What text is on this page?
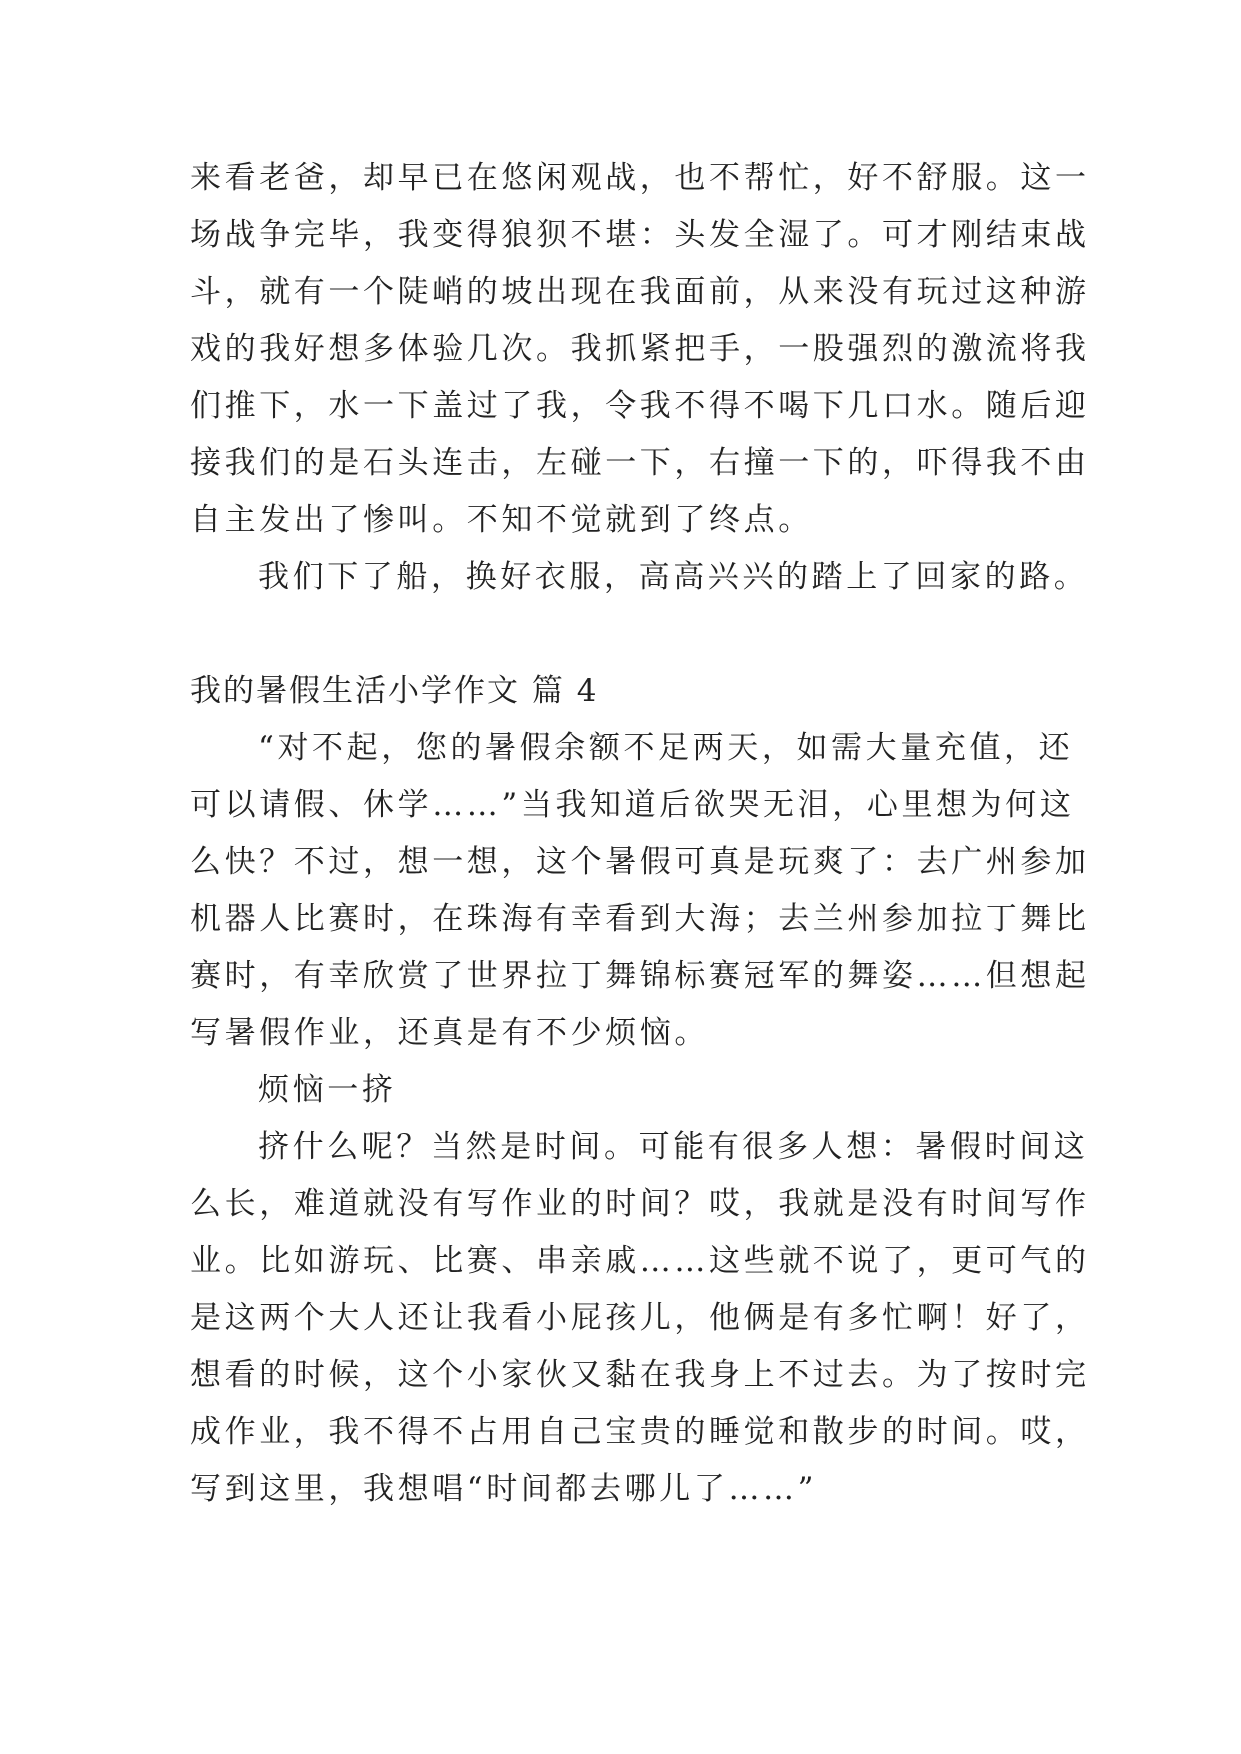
来看老爸，却早已在悠闲观战，也不帮忙，好不舒服。这一
场战争完毕，我变得狼狈不堪：头发全湿了。可才刚结束战
斗，就有一个陡峭的坡出现在我面前，从来没有玩过这种游
戏的我好想多体验几次。我抓紧把手，一股强烈的激流将我
们推下，水一下盖过了我，令我不得不喝下几口水。随后迎
接我们的是石头连击，左碰一下，右撞一下的，吓得我不由
自主发出了惨叫。不知不觉就到了终点。
我们下了船，换好衣服，高高兴兴的踏上了回家的路。
我的暑假生活小学作文 篇 4
“对不起，您的暑假余额不足两天，如需大量充值，还
可以请假、休学……”当我知道后欲哭无泪，心里想为何这
么快？不过，想一想，这个暑假可真是玩爽了：去广州参加
机器人比赛时，在珠海有幸看到大海；去兰州参加拉丁舞比
赛时，有幸欣赏了世界拉丁舞锦标赛冠军的舞姿……但想起
写暑假作业，还真是有不少烦恼。
烦恼一挤
挤什么呢？当然是时间。可能有很多人想：暑假时间这
么长，难道就没有写作业的时间？哎，我就是没有时间写作
业。比如游玩、比赛、串亲戚……这些就不说了，更可气的
是这两个大人还让我看小屁孩儿，他俩是有多忙啊！好了，
想看的时候，这个小家伙又黏在我身上不过去。为了按时完
成作业，我不得不占用自己宝贵的睡觉和散步的时间。哎，
写到这里，我想唱“时间都去哪儿了……”
